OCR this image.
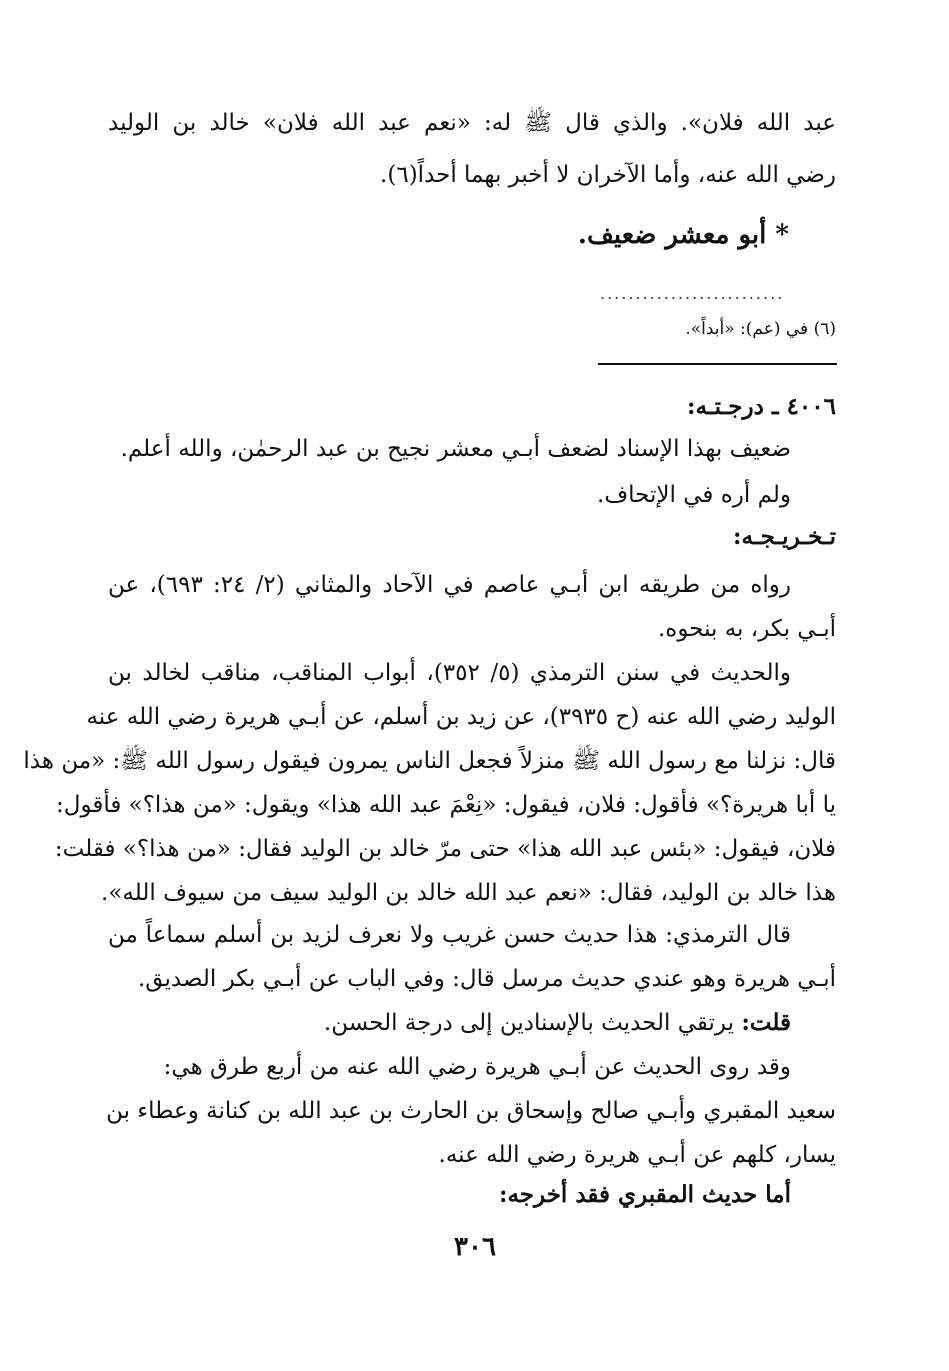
عبد الله فلان». والذي قال ﷺ له: «نعم عبد الله فلان» خالد بن الوليد
رضي الله عنه، وأما الآخران لا أخبر بهما أحداً(٦).
* أبو معشر ضعيف.
..........................
(٦) في (عم): «أبداً».
٤٠٠٦ ـ درجـتـه:
ضعيف بهذا الإسناد لضعف أبـي معشر نجيح بن عبد الرحمٰن، والله أعلم.
ولم أره في الإتحاف.
تـخـريـجـه:
رواه من طريقه ابن أبـي عاصم في الآحاد والمثاني (٢/ ٢٤: ٦٩٣)، عن
أبـي بكر، به بنحوه.
والحديث في سنن الترمذي (٥/ ٣٥٢)، أبواب المناقب، مناقب لخالد بن
الوليد رضي الله عنه (ح ٣٩٣٥)، عن زيد بن أسلم، عن أبـي هريرة رضي الله عنه
قال: نزلنا مع رسول الله ﷺ منزلاً فجعل الناس يمرون فيقول رسول الله ﷺ: «من هذا
يا أبا هريرة؟» فأقول: فلان، فيقول: «نِعْمَ عبد الله هذا» ويقول: «من هذا؟» فأقول:
فلان، فيقول: «بئس عبد الله هذا» حتى مرّ خالد بن الوليد فقال: «من هذا؟» فقلت:
هذا خالد بن الوليد، فقال: «نعم عبد الله خالد بن الوليد سيف من سيوف الله».
قال الترمذي: هذا حديث حسن غريب ولا نعرف لزيد بن أسلم سماعاً من
أبـي هريرة وهو عندي حديث مرسل قال: وفي الباب عن أبـي بكر الصديق.
قلت: يرتقي الحديث بالإسنادين إلى درجة الحسن.
وقد روى الحديث عن أبـي هريرة رضي الله عنه من أربع طرق هي:
سعيد المقبري وأبـي صالح وإسحاق بن الحارث بن عبد الله بن كنانة وعطاء بن
يسار، كلهم عن أبـي هريرة رضي الله عنه.
أما حديث المقبري فقد أخرجه:
٣٠٦
